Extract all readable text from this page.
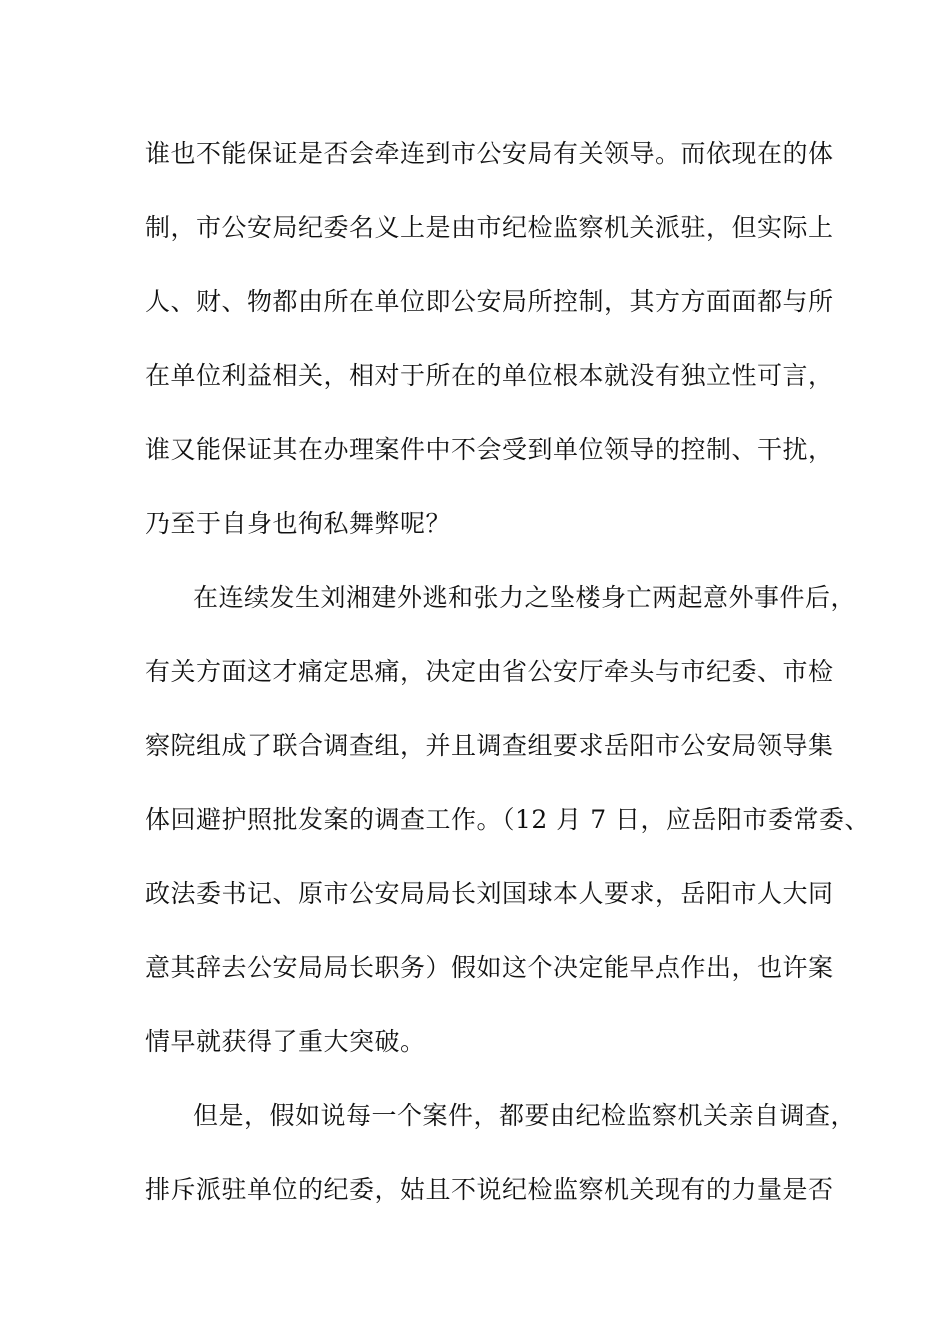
谁也不能保证是否会牵连到市公安局有关领导。而依现在的体
制，市公安局纪委名义上是由市纪检监察机关派驻，但实际上
人、财、物都由所在单位即公安局所控制，其方方面面都与所
在单位利益相关，相对于所在的单位根本就没有独立性可言，
谁又能保证其在办理案件中不会受到单位领导的控制、干扰，
乃至于自身也徇私舞弊呢？
在连续发生刘湘建外逃和张力之坠楼身亡两起意外事件后，
有关方面这才痛定思痛，决定由省公安厅牵头与市纪委、市检
察院组成了联合调查组，并且调查组要求岳阳市公安局领导集
体回避护照批发案的调查工作。（12 月 7 日，应岳阳市委常委、
政法委书记、原市公安局局长刘国球本人要求，岳阳市人大同
意其辞去公安局局长职务）假如这个决定能早点作出，也许案
情早就获得了重大突破。
但是，假如说每一个案件，都要由纪检监察机关亲自调查，
排斥派驻单位的纪委，姑且不说纪检监察机关现有的力量是否
